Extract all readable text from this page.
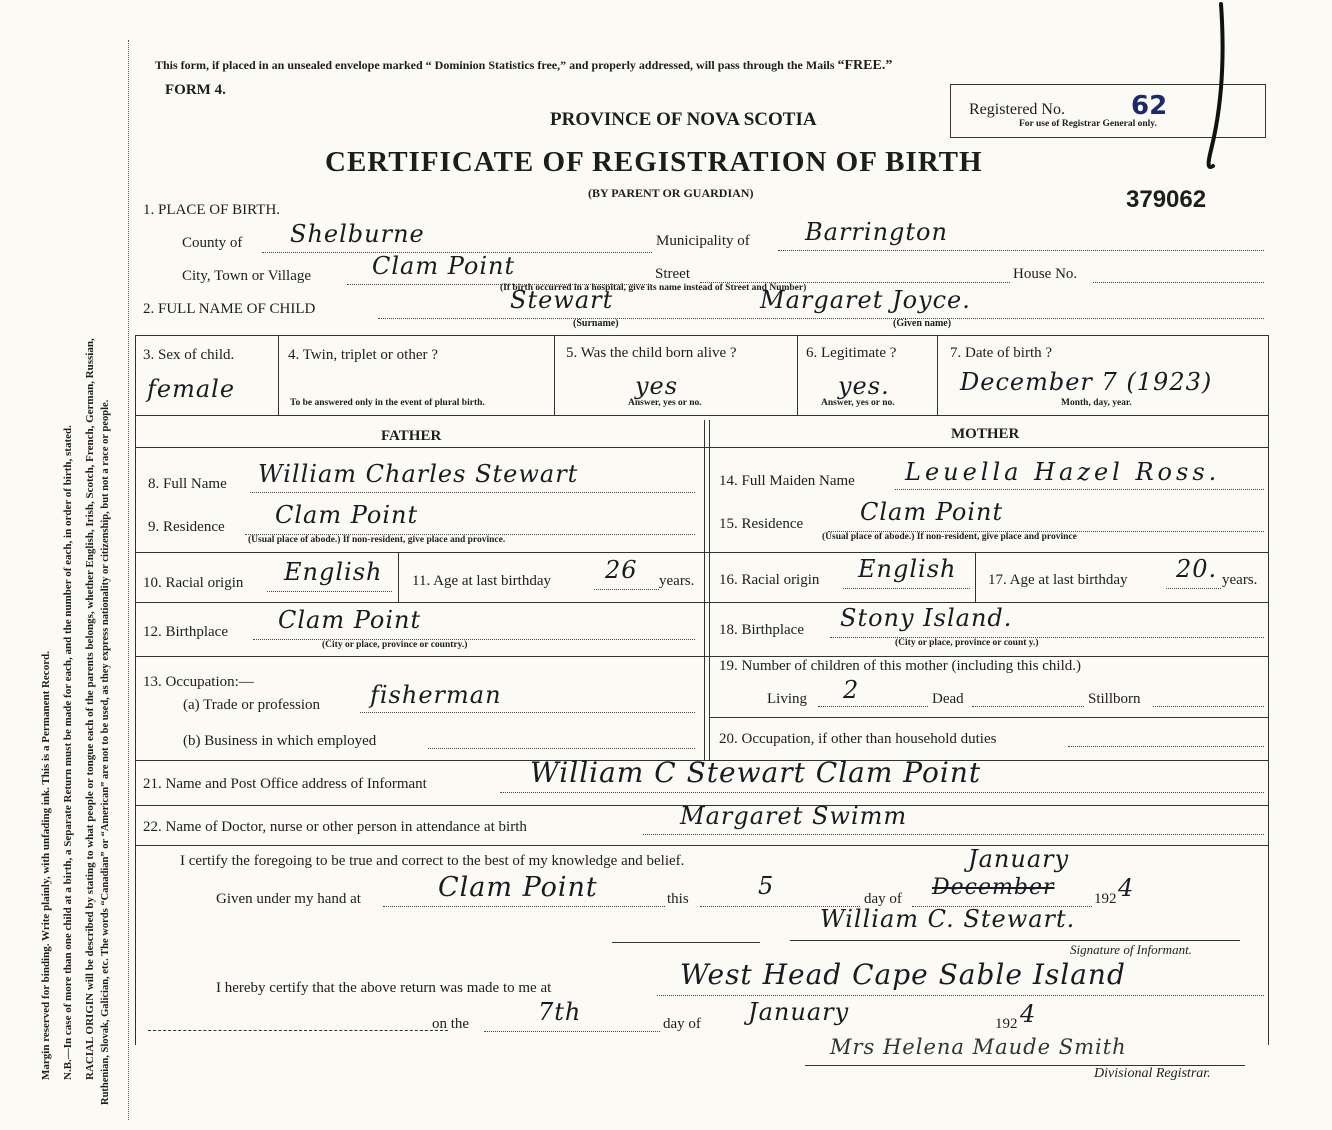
Margin reserved for binding. Write plainly, with unfading ink. This is a Permanent Record. N.B.—In case of more than one child at a birth, a Separate Return must be made for each, and the number of each, in order of birth, stated. RACIAL ORIGIN will be described by stating to what people or tongue each of the parents belongs, whether English, Irish, Scotch, French, German, Russian, Ruthenian, Slovak, Galician, etc. The words “Canadian” or “American” are not to be used, as they express nationality or citizenship, but not a race or people.
This form, if placed in an unsealed envelope marked “ Dominion Statistics free,” and properly addressed, will pass through the Mails “FREE.”
FORM 4.
PROVINCE OF NOVA SCOTIA
CERTIFICATE OF REGISTRATION OF BIRTH
(BY PARENT OR GUARDIAN)
Registered No.	62
For use of Registrar General only.
379062
1. PLACE OF BIRTH.
County of Shelburne	Municipality of Barrington
City, Town or Village	Clam Point	Street	House No.
(If birth occurred in a hospital, give its name instead of Street and Number)
2. FULL NAME OF CHILD	Stewart	Margaret Joyce.
(Surname)	(Given name)
3. Sex of child.
female
4. Twin, triplet or other ?
To be answered only in the event of plural birth.
5. Was the child born alive ?
yes
Answer, yes or no.
6. Legitimate ?
yes.
Answer, yes or no.
7. Date of birth ?
December 7 (1923)
Month, day, year.
FATHER	MOTHER
8. Full Name William Charles Stewart
9. Residence Clam Point
(Usual place of abode.) If non-resident, give place and province.
10. Racial origin English 11. Age at last birthday 26 years.
12. Birthplace Clam Point
(City or place, province or country.)
13. Occupation:—
(a) Trade or profession fisherman
(b) Business in which employed
14. Full Maiden Name Leuella Hazel Ross.
15. Residence Clam Point
(Usual place of abode.) If non-resident, give place and province
16. Racial origin English 17. Age at last birthday 20. years.
18. Birthplace Stony Island.
(City or place, province or count y.)
19. Number of children of this mother (including this child.)
Living 2	Dead	Stillborn
20. Occupation, if other than household duties
21. Name and Post Office address of Informant	William C Stewart Clam Point
22. Name of Doctor, nurse or other person in attendance at birth	Margaret Swimm
I certify the foregoing to be true and correct to the best of my knowledge and belief.
Given under my hand at	Clam Point	this	5	day of December
January
192 4
William C. Stewart.
Signature of Informant.
I hereby certify that the above return was made to me at	West Head Cape Sable Island
on the	7th	day of January	192 4
Mrs Helena Maude Smith
Divisional Registrar.
